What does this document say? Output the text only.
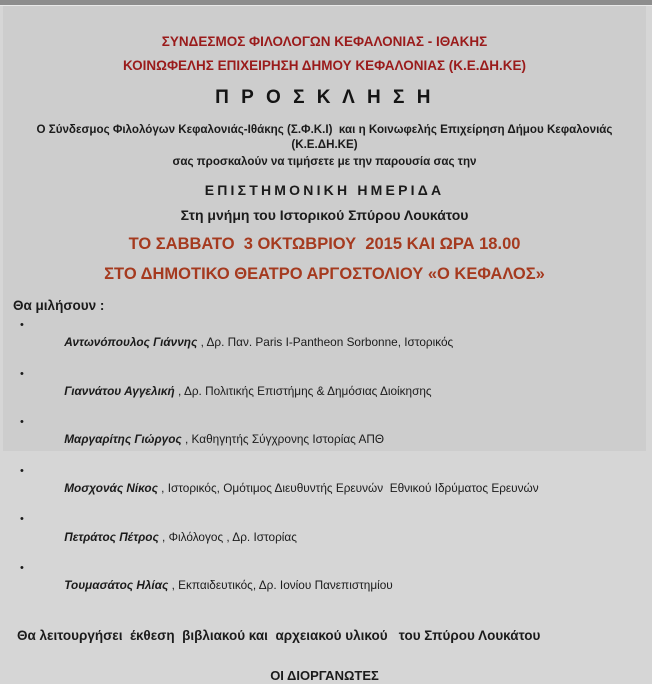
ΣΥΝΔΕΣΜΟΣ ΦΙΛΟΛΟΓΩΝ ΚΕΦΑΛΟΝΙΑΣ - ΙΘΑΚΗΣ
ΚΟΙΝΩΦΕΛΗΣ ΕΠΙΧΕΙΡΗΣΗ ΔΗΜΟΥ ΚΕΦΑΛΟΝΙΑΣ (Κ.Ε.ΔΗ.ΚΕ)
Π Ρ Ο Σ Κ Λ Η Σ Η
Ο Σύνδεσμος Φιλολόγων Κεφαλονιάς-Ιθάκης (Σ.Φ.Κ.Ι)  και η Κοινωφελής Επιχείρηση Δήμου Κεφαλονιάς (Κ.Ε.ΔΗ.ΚΕ)
σας προσκαλούν να τιμήσετε με την παρουσία σας την
ΕΠΙΣΤΗΜΟΝΙΚΗ ΗΜΕΡΙΔΑ
Στη μνήμη του Ιστορικού Σπύρου Λουκάτου
ΤΟ ΣΑΒΒΑΤΟ  3 ΟΚΤΩΒΡΙΟΥ  2015 ΚΑΙ ΩΡΑ 18.00
ΣΤΟ ΔΗΜΟΤΙΚΟ ΘΕΑΤΡΟ ΑΡΓΟΣΤΟΛΙΟΥ «Ο ΚΕΦΑΛΟΣ»
Θα μιλήσουν :

•
Αντωνόπουλος Γιάννης , Δρ. Παν. Paris I-Pantheon Sorbonne, Ιστορικός

•
Γιαννάτου Αγγελική , Δρ. Πολιτικής Επιστήμης & Δημόσιας Διοίκησης

•
Μαργαρίτης Γιώργος , Καθηγητής Σύγχρονης Ιστορίας ΑΠΘ

•
Μοσχονάς Νίκος , Ιστορικός, Ομότιμος Διευθυντής Ερευνών  Εθνικού Ιδρύματος Ερευνών

•
Πετράτος Πέτρος , Φιλόλογος , Δρ. Ιστορίας

•
Τουμασάτος Ηλίας , Εκπαιδευτικός, Δρ. Ιονίου Πανεπιστημίου

Θα λειτουργήσει  έκθεση  βιβλιακού και  αρχειακού υλικού   του Σπύρου Λουκάτου
ΟΙ ΔΙΟΡΓΑΝΩΤΕΣ
